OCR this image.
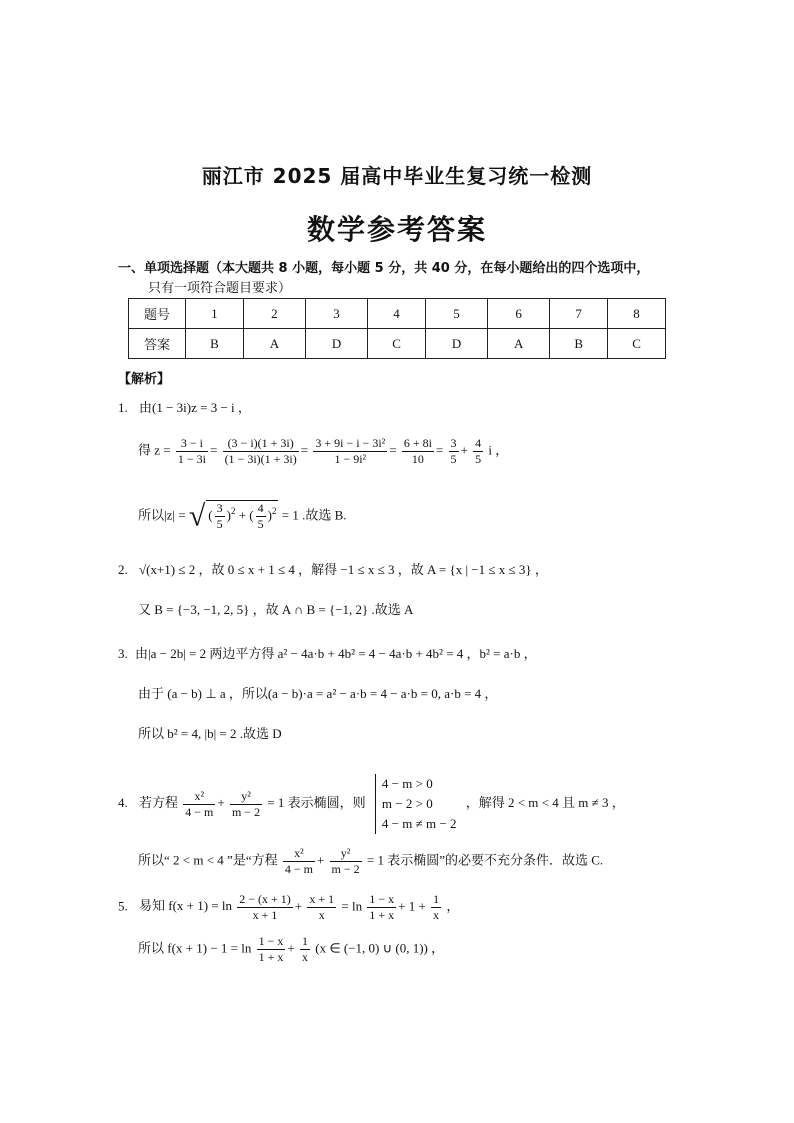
丽江市 2025 届高中毕业生复习统一检测
数学参考答案
一、单项选择题（本大题共 8 小题，每小题 5 分，共 40 分，在每小题给出的四个选项中，
只有一项符合题目要求）
题号	1	2	3	4	5	6	7	8
答案	B	A	D	C	D	A	B	C
【解析】
1. 由(1 − 3i)z = 3 − i ，
得 $z = \frac{3 - i}{1 - 3i} = \frac{(3 - i)(1 + 3i)}{(1 - 3i)(1 + 3i)} = \frac{\text{3 + 9i − i − 3i²}}{\text{1 − 9i²}} = \frac{6 + 8i}{10} = \frac{3}{5} + \frac{4}{5}$ i ，
所以|z| = √ ( $\frac{3}{5} )^2$ + ( $\frac{4}{5} )^2 = 1$ .故选 B.
2. √(x+1) ≤ 2 ，故 0 ≤ x + 1 ≤ 4 ，解得 −1 ≤ x ≤ 3 ，故 A = {x | −1 ≤ x ≤ 3} ，
又 B = {−3, −1, 2, 5} ，故 A ∩ B = {−1, 2} .故选 A
3. 由|a − 2b| = 2 两边平方得 a² − 4a·b + 4b² = 4 − 4a·b + 4b² = 4 ，b² = a·b ，
由于 (a − b) ⊥ a ，所以(a − b)·a = a² − a·b = 4 − a·b = 0, a·b = 4 ，
所以 b² = 4, |b| = 2 .故选 D
4. 若方程 $\frac{\text{x²}}{4 - m} + \frac{\text{y²}}{m - 2} = 1$ 表示椭圆，则
4 − m > 0
m − 2 > 0
4 − m ≠ m − 2
，解得 2 < m < 4 且 m ≠ 3 ，
所以“ 2 < m < 4 ”是“方程 $\frac{\text{x²}}{4 - m} + \frac{\text{y²}}{m - 2} = 1$ 表示椭圆”的必要不充分条件．故选 C.
5. 易知 $f(x + 1) = \ln \frac{2 - (x + 1)}{x + 1} + \frac{x + 1}{x} = \ln \frac{1 - x}{1 + x} + 1 + \frac{1}{x}$ ，
所以 $f(x + 1) - 1 = \ln \frac{1 - x}{1 + x} + \frac{1}{x} (x$ ∈ (−1, 0) ∪ (0, 1)) ，
